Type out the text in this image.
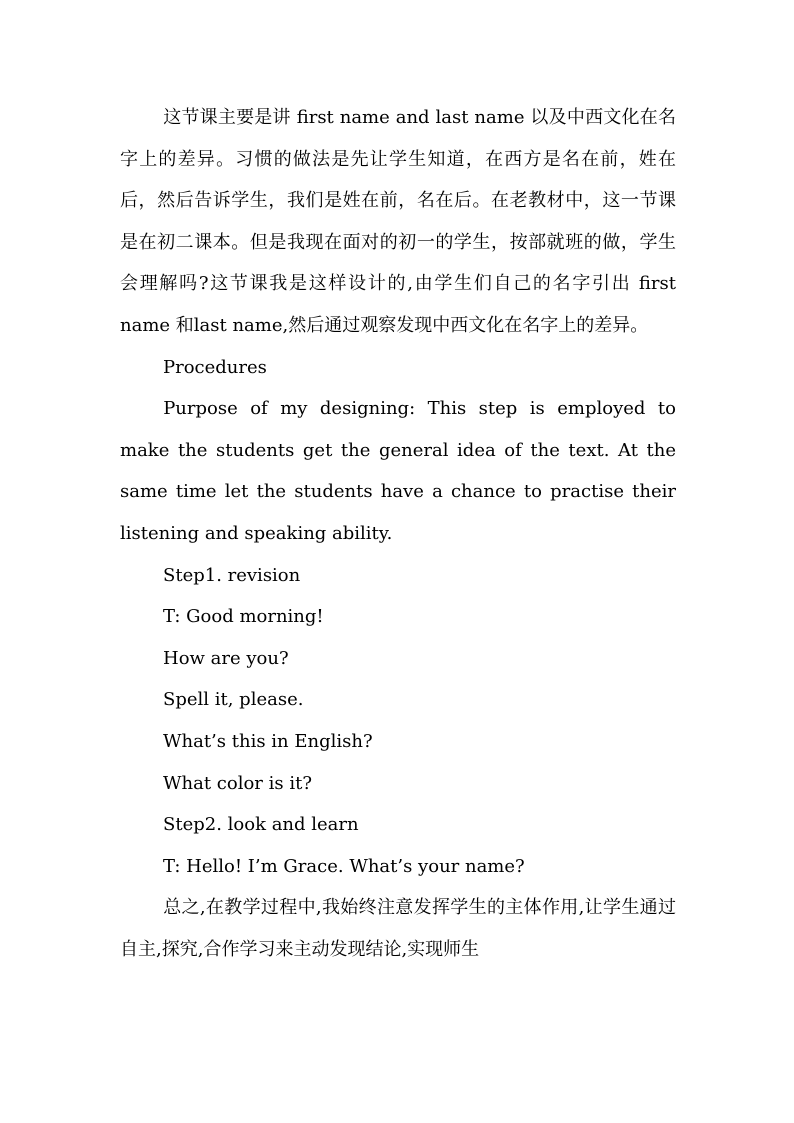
这节课主要是讲 first name and last name 以及中西文化在名字上的差异。习惯的做法是先让学生知道，在西方是名在前，姓在后，然后告诉学生，我们是姓在前，名在后。在老教材中，这一节课是在初二课本。但是我现在面对的初一的学生，按部就班的做，学生会理解吗?这节课我是这样设计的,由学生们自己的名字引出 first name 和last name,然后通过观察发现中西文化在名字上的差异。

Procedures

Purpose of my designing: This step is employed to make the students get the general idea of the text. At the same time let the students have a chance to practise their listening and speaking ability.

Step1. revision

T: Good morning!

How are you?

Spell it, please.

What’s this in English?

What color is it?

Step2. look and learn

T: Hello! I’m Grace. What’s your name?

总之,在教学过程中,我始终注意发挥学生的主体作用,让学生通过自主,探究,合作学习来主动发现结论,实现师生
